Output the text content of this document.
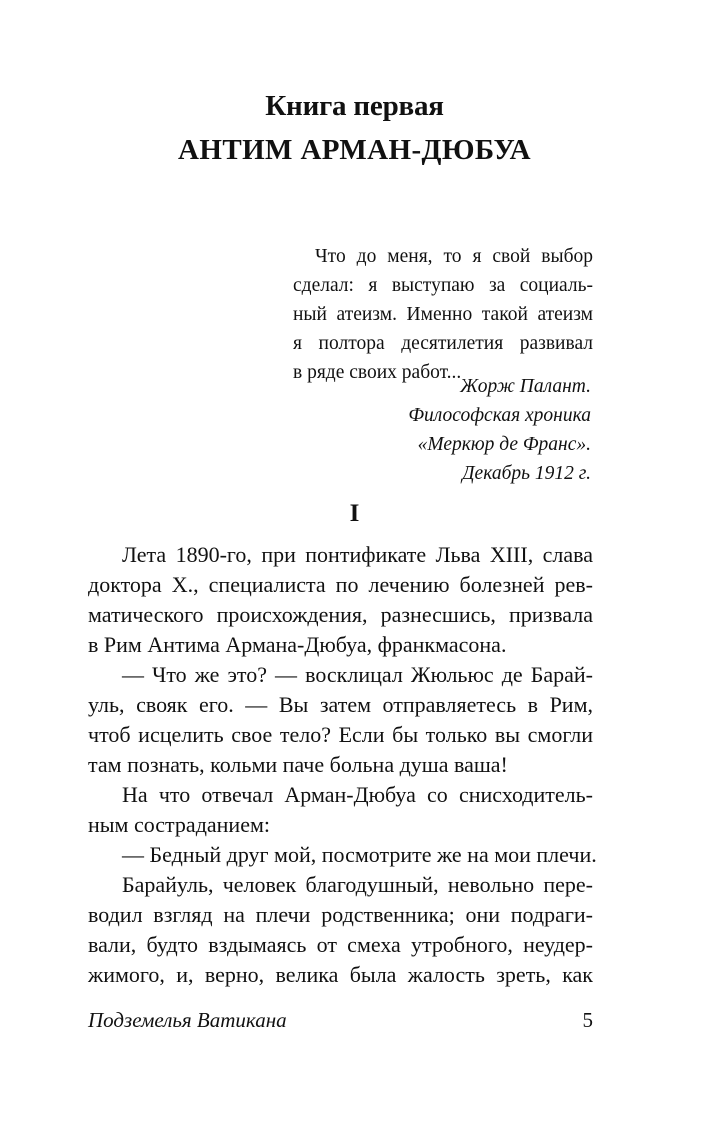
Книга первая
АНТИМ АРМАН-ДЮБУА
Что до меня, то я свой выбор
сделал: я выступаю за социаль-
ный атеизм. Именно такой атеизм
я полтора десятилетия развивал
в ряде своих работ...
Жорж Палант.
Философская хроника
«Меркюр де Франс».
Декабрь 1912 г.
I
Лета 1890-го, при понтификате Льва XIII, слава
доктора Х., специалиста по лечению болезней рев-
матического происхождения, разнесшись, призвала
в Рим Антима Армана-Дюбуа, франкмасона.
— Что же это? — восклицал Жюльюс де Барай-
уль, свояк его. — Вы затем отправляетесь в Рим,
чтоб исцелить свое тело? Если бы только вы смогли
там познать, кольми паче больна душа ваша!
На что отвечал Арман-Дюбуа со снисходитель-
ным состраданием:
— Бедный друг мой, посмотрите же на мои плечи.
Барайуль, человек благодушный, невольно пере-
водил взгляд на плечи родственника; они подраги-
вали, будто вздымаясь от смеха утробного, неудер-
жимого, и, верно, велика была жалость зреть, как
Подземелья Ватикана	5
